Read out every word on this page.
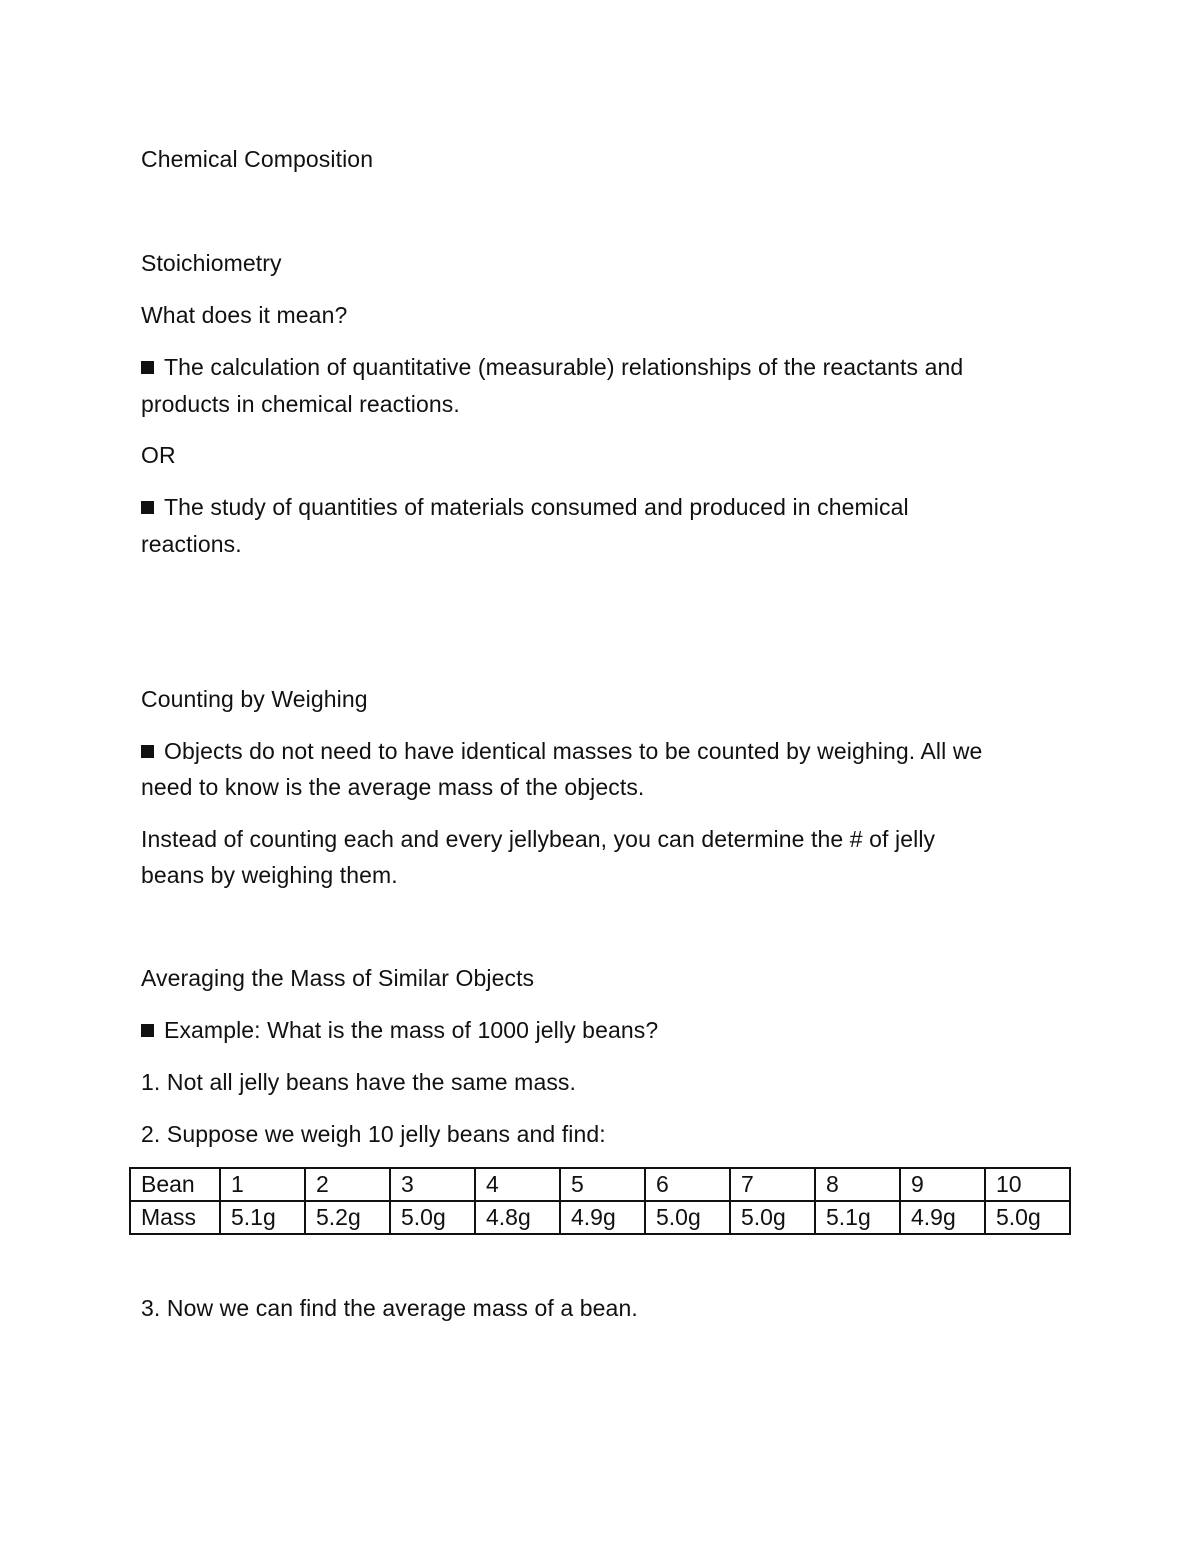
Chemical Composition
Stoichiometry
What does it mean?
The calculation of quantitative (measurable) relationships of the reactants and
products in chemical reactions.
OR
The study of quantities of materials consumed and produced in chemical
reactions.
Counting by Weighing
Objects do not need to have identical masses to be counted by weighing. All we
need to know is the average mass of the objects.
Instead of counting each and every jellybean, you can determine the # of jelly
beans by weighing them.
Averaging the Mass of Similar Objects
Example: What is the mass of 1000 jelly beans?
1. Not all jelly beans have the same mass.
2. Suppose we weigh 10 jelly beans and find:
Bean	1	2	3	4	5	6	7	8	9	10
Mass	5.1g	5.2g	5.0g	4.8g	4.9g	5.0g	5.0g	5.1g	4.9g	5.0g
3. Now we can find the average mass of a bean.
